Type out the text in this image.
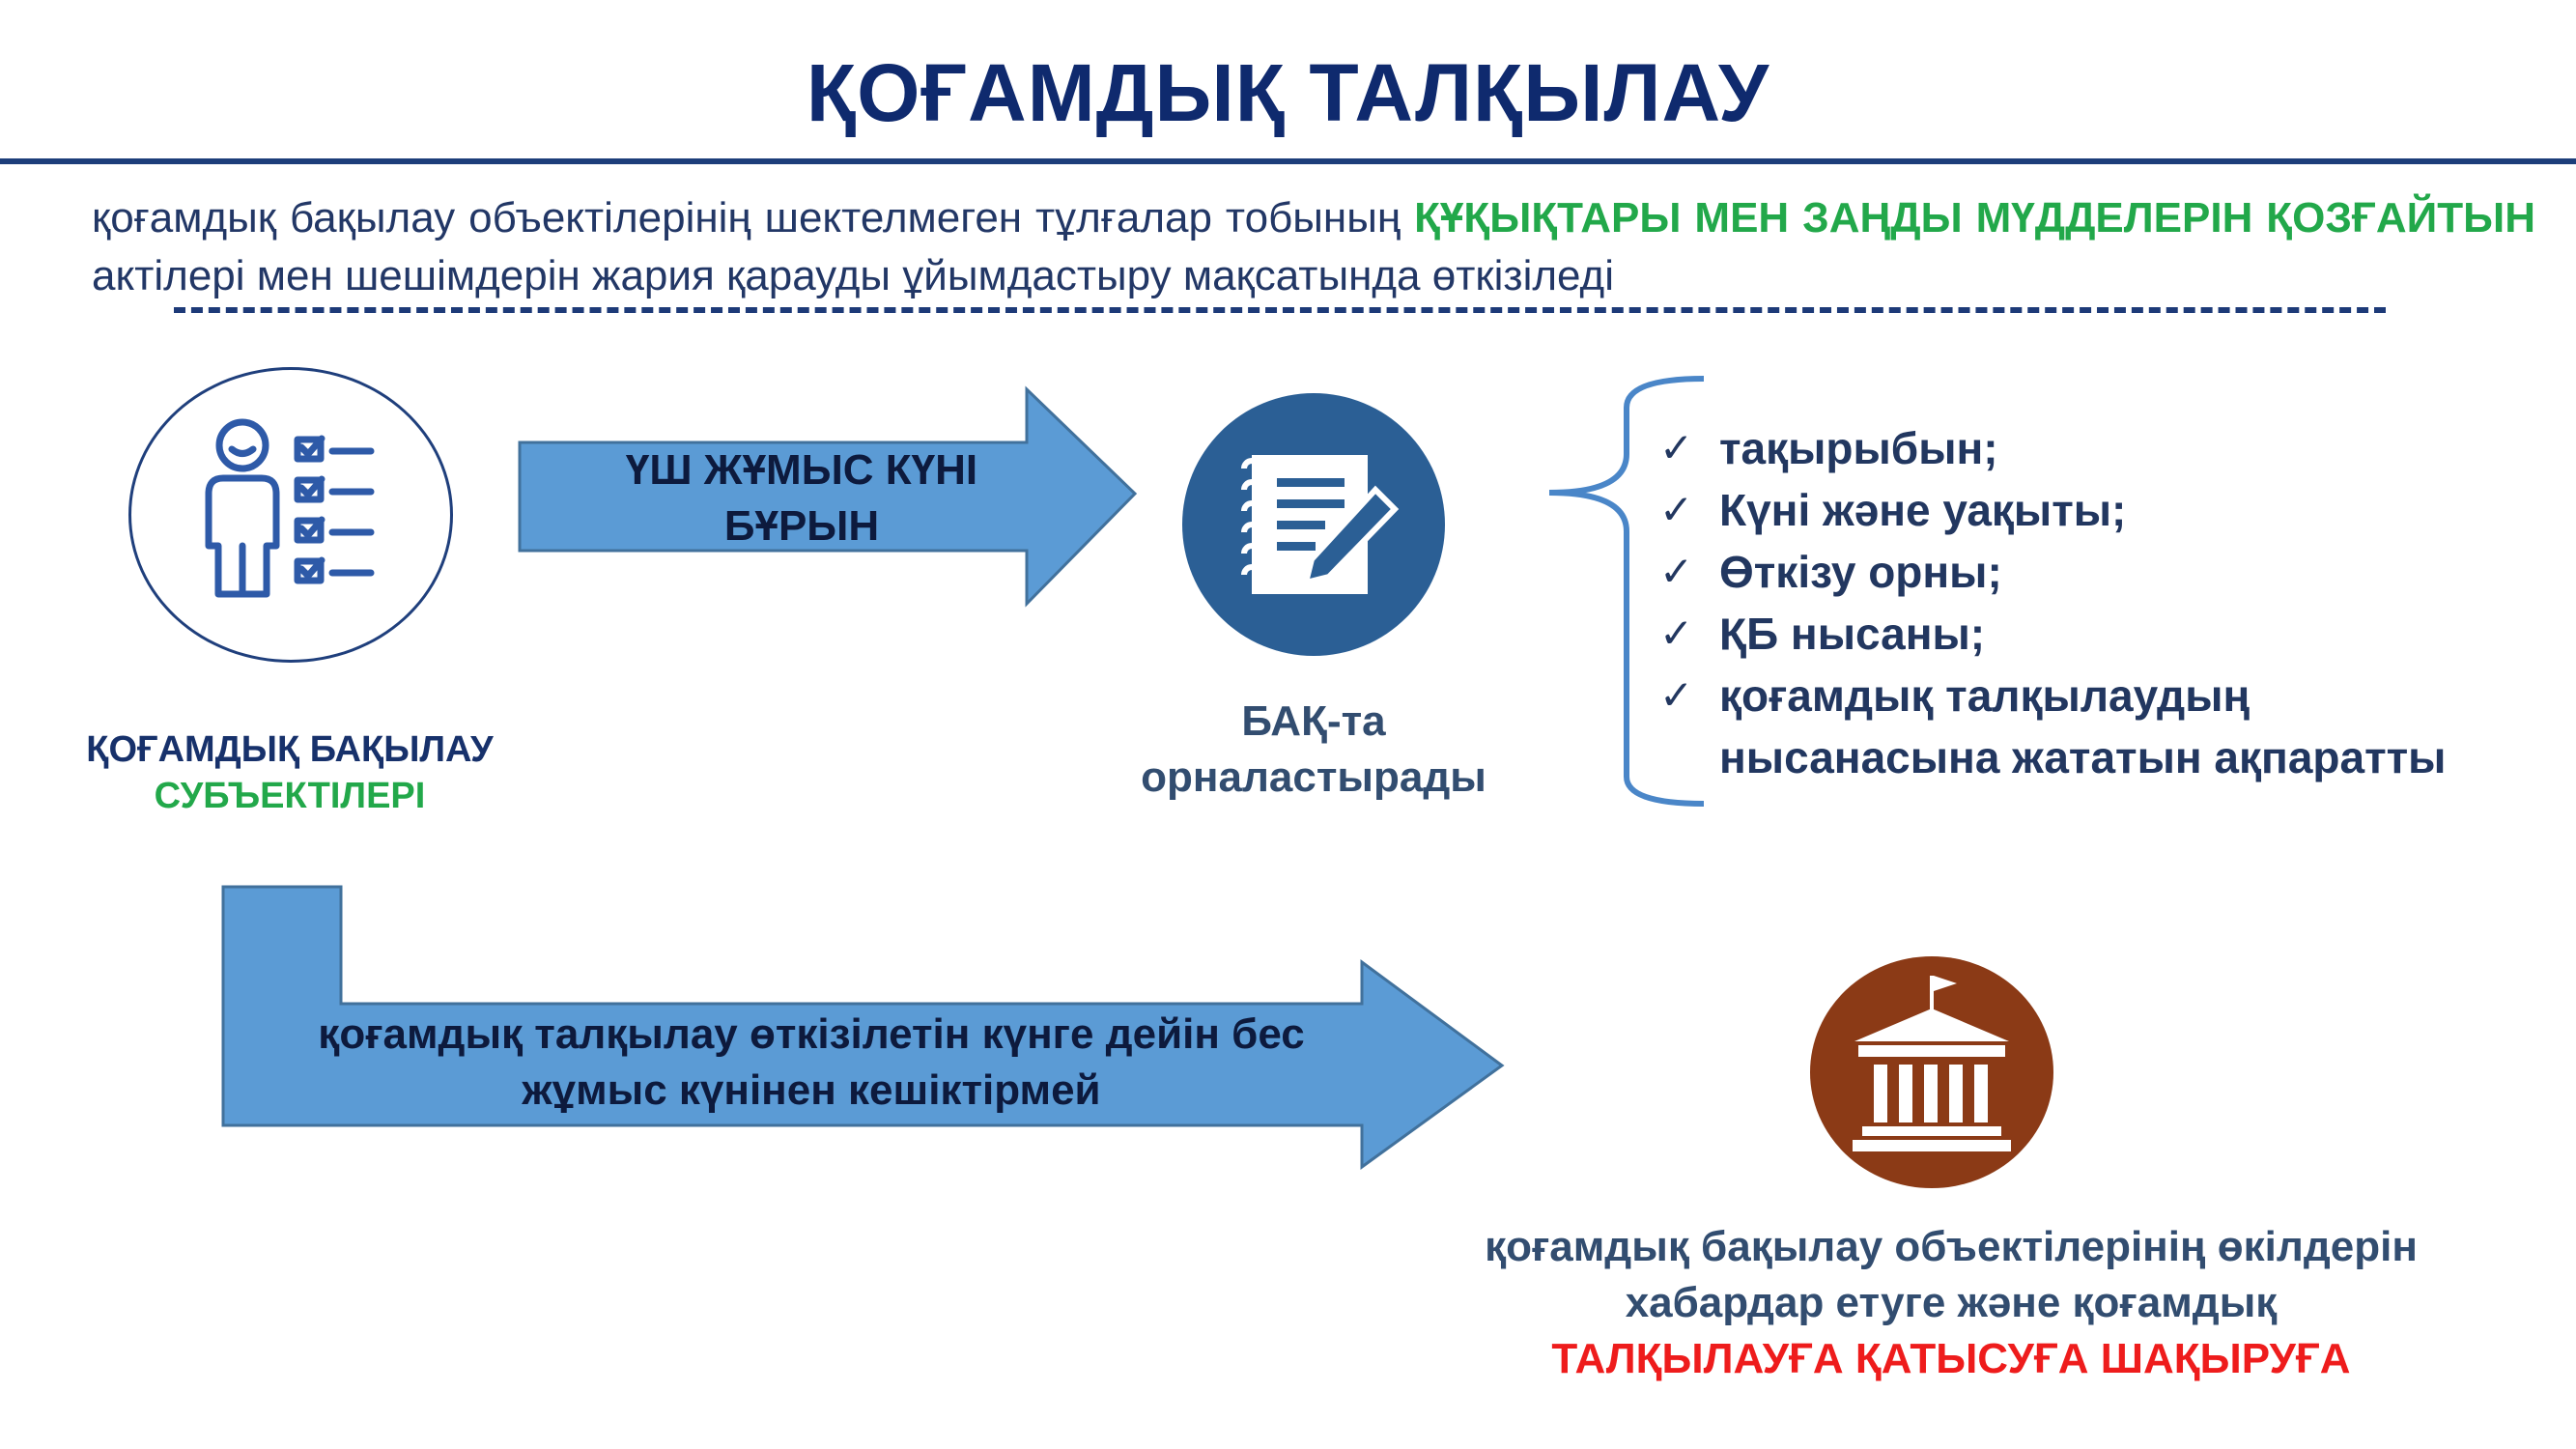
ҚОҒАМДЫҚ ТАЛҚЫЛАУ
қоғамдық бақылау объектілерінің шектелмеген тұлғалар тобының ҚҰҚЫҚТАРЫ МЕН ЗАҢДЫ МҮДДЕЛЕРІН ҚОЗҒАЙТЫН актілері мен шешімдерін жария қарауды ұйымдастыру мақсатында өткізіледі
ҚОҒАМДЫҚ БАҚЫЛАУ
СУБЪЕКТІЛЕРІ
ҮШ ЖҰМЫС КҮНІ
БҰРЫН
БАҚ-та
орналастырады
✓ тақырыбын;
✓ Күні және уақыты;
✓ Өткізу орны;
✓ ҚБ нысаны;
✓ қоғамдық талқылаудың нысанасына жататын ақпаратты
қоғамдық талқылау өткізілетін күнге дейін бес
жұмыс күнінен кешіктірмей
қоғамдық бақылау объектілерінің өкілдерін
хабардар етуге және қоғамдық
ТАЛҚЫЛАУҒА ҚАТЫСУҒА ШАҚЫРУҒА
